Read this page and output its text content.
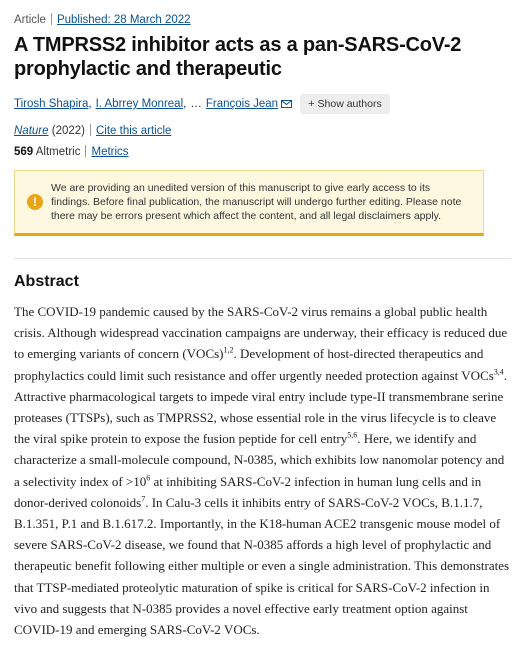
Article Published: 28 March 2022
A TMPRSS2 inhibitor acts as a pan-SARS-CoV-2 prophylactic and therapeutic
Tirosh Shapira , I. Abrrey Monreal , … François Jean	+ Show authors
Nature (2022) Cite this article
569 Altmetric Metrics
!
We are providing an unedited version of this manuscript to give early access to its findings. Before final publication, the manuscript will undergo further editing. Please note there may be errors present which affect the content, and all legal disclaimers apply.
Abstract

The COVID-19 pandemic caused by the SARS-CoV-2 virus remains a global public health crisis. Although widespread vaccination campaigns are underway, their efficacy is reduced due to emerging variants of concern (VOCs)$^{1,2}$. Development of host-directed therapeutics and prophylactics could limit such resistance and offer urgently needed protection against VOCs$^{3,4}$. Attractive pharmacological targets to impede viral entry include type-II transmembrane serine proteases (TTSPs), such as TMPRSS2, whose essential role in the virus lifecycle is to cleave the viral spike protein to expose the fusion peptide for cell entry$^{5,6}$. Here, we identify and characterize a small-molecule compound, N-0385, which exhibits low nanomolar potency and a selectivity index of $>10^6$ at inhibiting SARS-CoV-2 infection in human lung cells and in donor-derived colonoids$^7$. In Calu-3 cells it inhibits entry of SARS-CoV-2 VOCs, B.1.1.7, B.1.351, P.1 and B.1.617.2. Importantly, in the K18-human ACE2 transgenic mouse model of severe SARS-CoV-2 disease, we found that N-0385 affords a high level of prophylactic and therapeutic benefit following either multiple or even a single administration. This demonstrates that TTSP-mediated proteolytic maturation of spike is critical for SARS-CoV-2 infection in vivo and suggests that N-0385 provides a novel effective early treatment option against COVID-19 and emerging SARS-CoV-2 VOCs.
